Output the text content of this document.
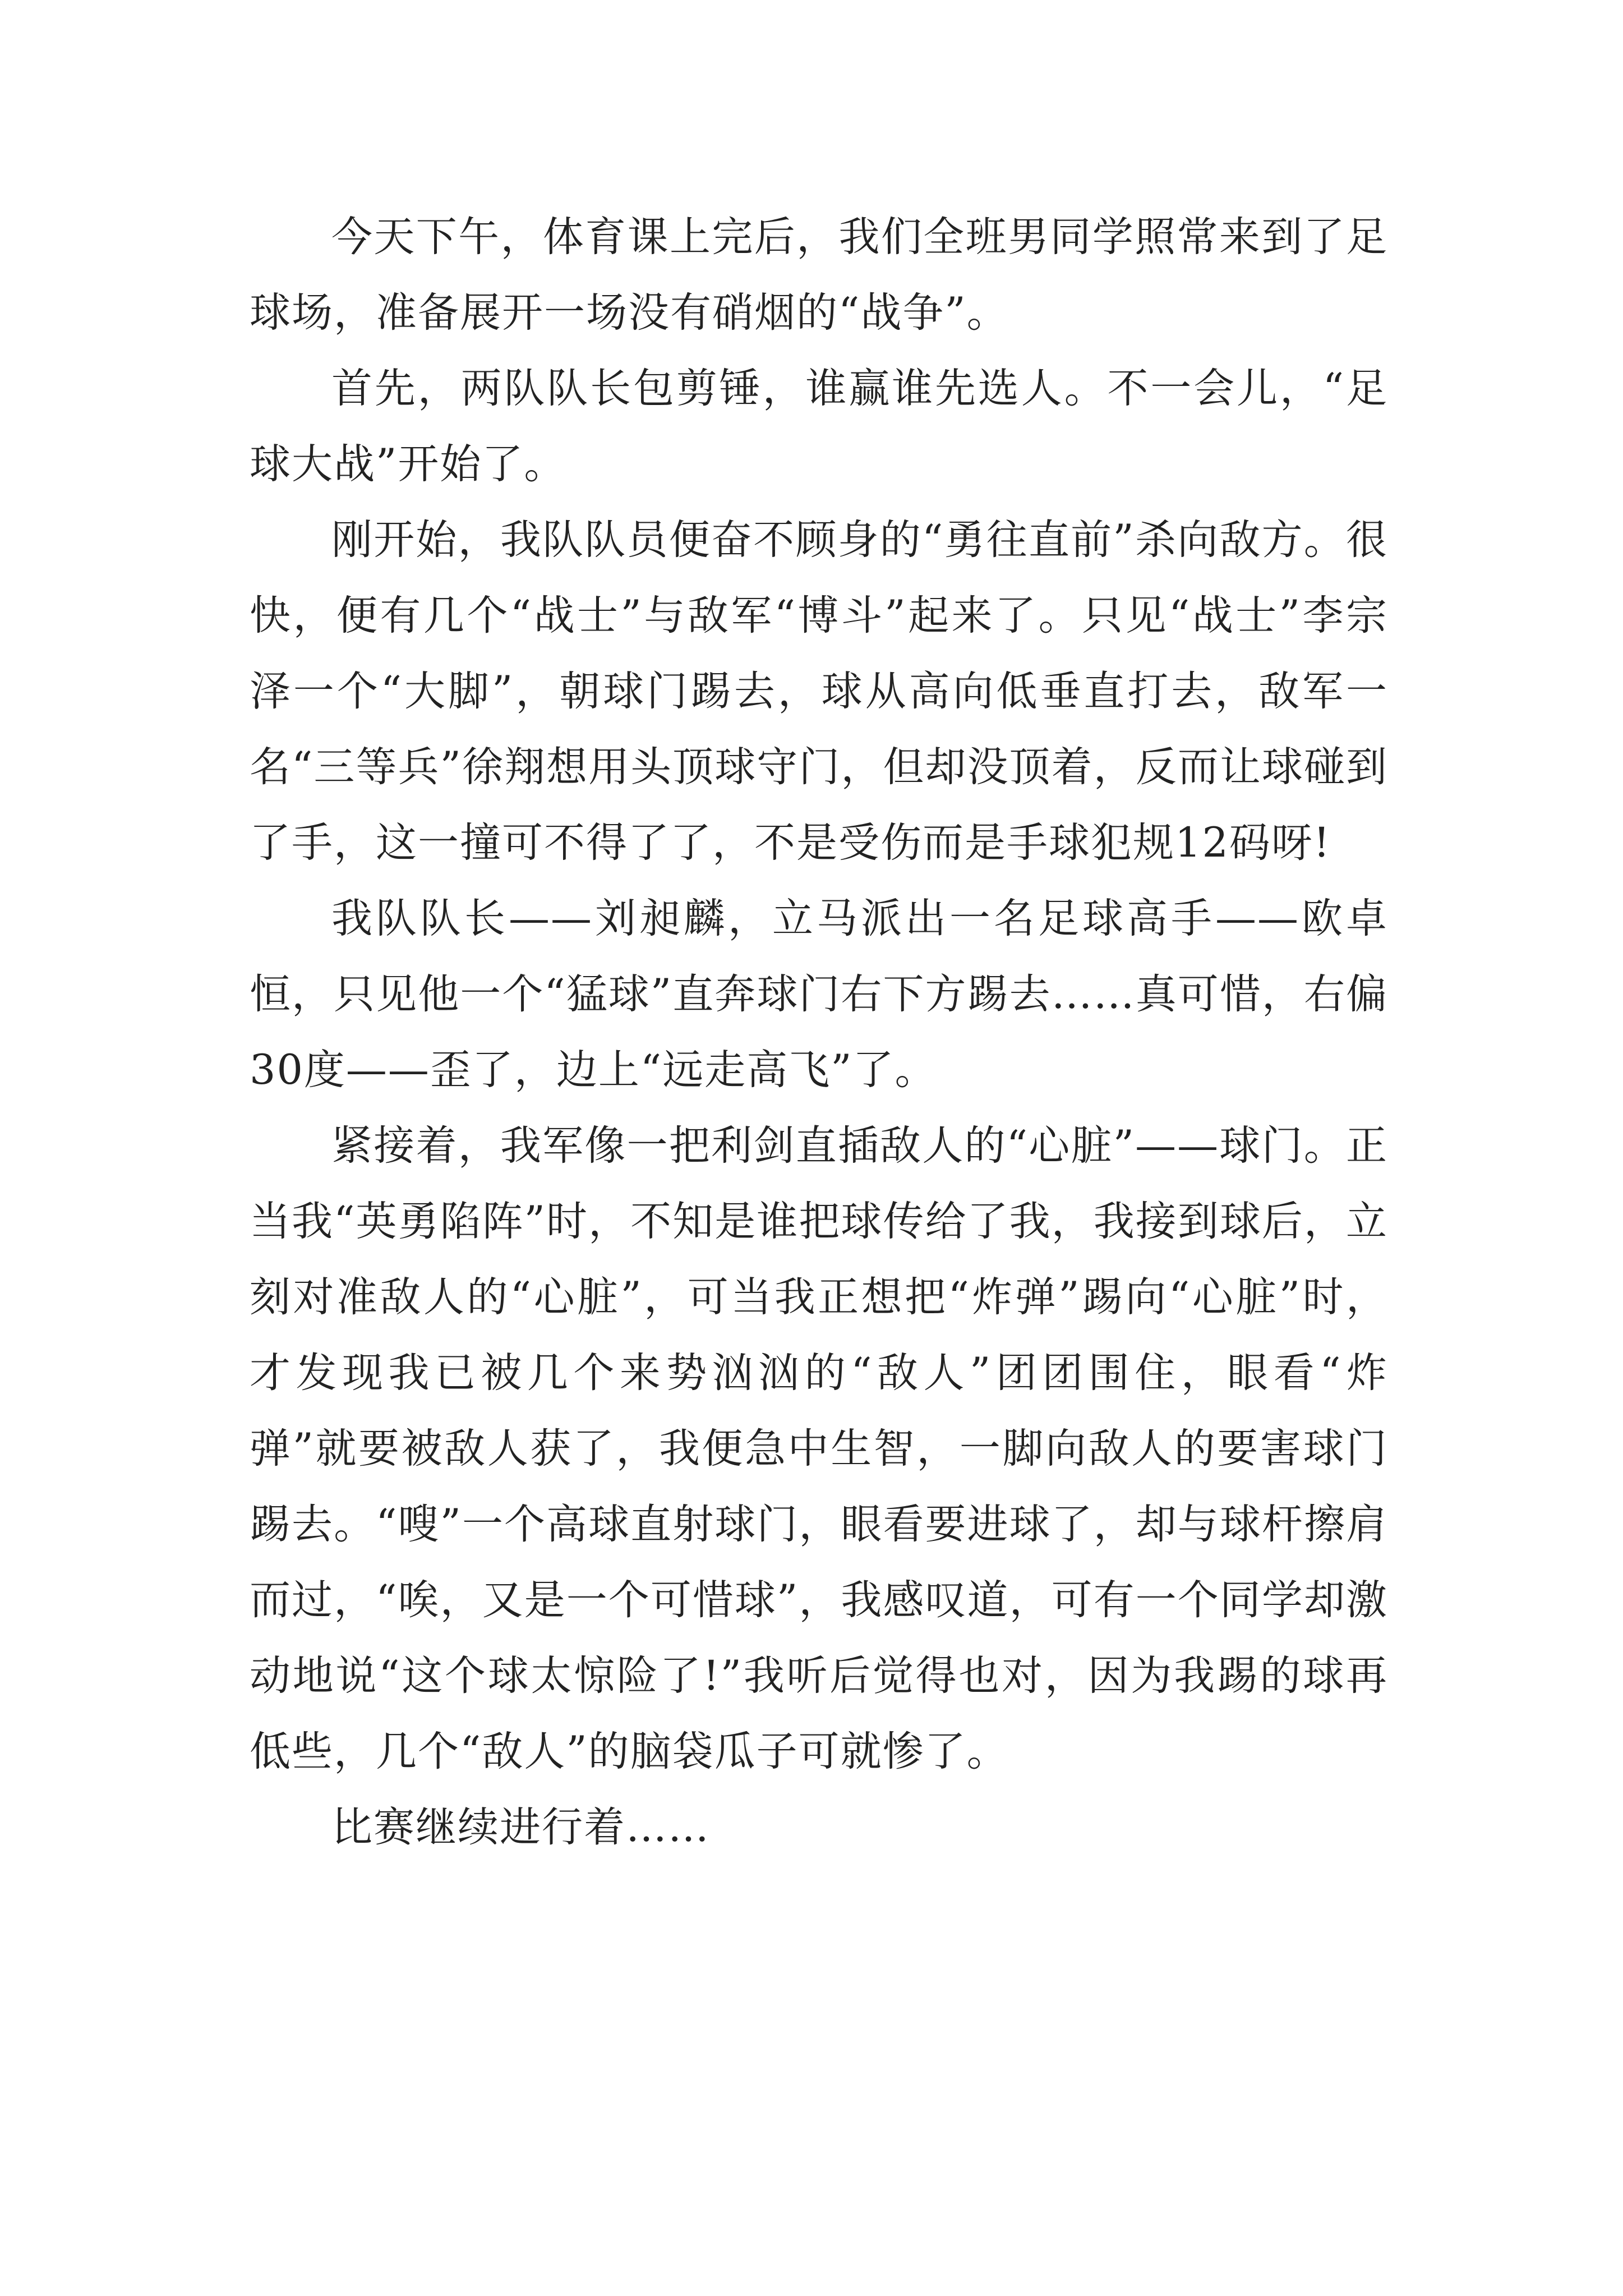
今天下午，体育课上完后，我们全班男同学照常来到了足球场，准备展开一场没有硝烟的“战争”。

首先，两队队长包剪锤，谁赢谁先选人。不一会儿，“足球大战”开始了。

刚开始，我队队员便奋不顾身的“勇往直前”杀向敌方。很快，便有几个“战士”与敌军“博斗”起来了。只见“战士”李宗泽一个“大脚”，朝球门踢去，球从高向低垂直打去，敌军一名“三等兵”徐翔想用头顶球守门，但却没顶着，反而让球碰到了手，这一撞可不得了了，不是受伤而是手球犯规12码呀!

我队队长——刘昶麟，立马派出一名足球高手——欧卓恒，只见他一个“猛球”直奔球门右下方踢去……真可惜，右偏30度——歪了，边上“远走高飞”了。

紧接着，我军像一把利剑直插敌人的“心脏”——球门。正当我“英勇陷阵”时，不知是谁把球传给了我，我接到球后，立刻对准敌人的“心脏”，可当我正想把“炸弹”踢向“心脏”时，才发现我已被几个来势汹汹的“敌人”团团围住，眼看“炸弹”就要被敌人获了，我便急中生智，一脚向敌人的要害球门踢去。“嗖”一个高球直射球门，眼看要进球了，却与球杆擦肩而过，“唉，又是一个可惜球”，我感叹道，可有一个同学却激动地说“这个球太惊险了!”我听后觉得也对，因为我踢的球再低些，几个“敌人”的脑袋瓜子可就惨了。

比赛继续进行着……
